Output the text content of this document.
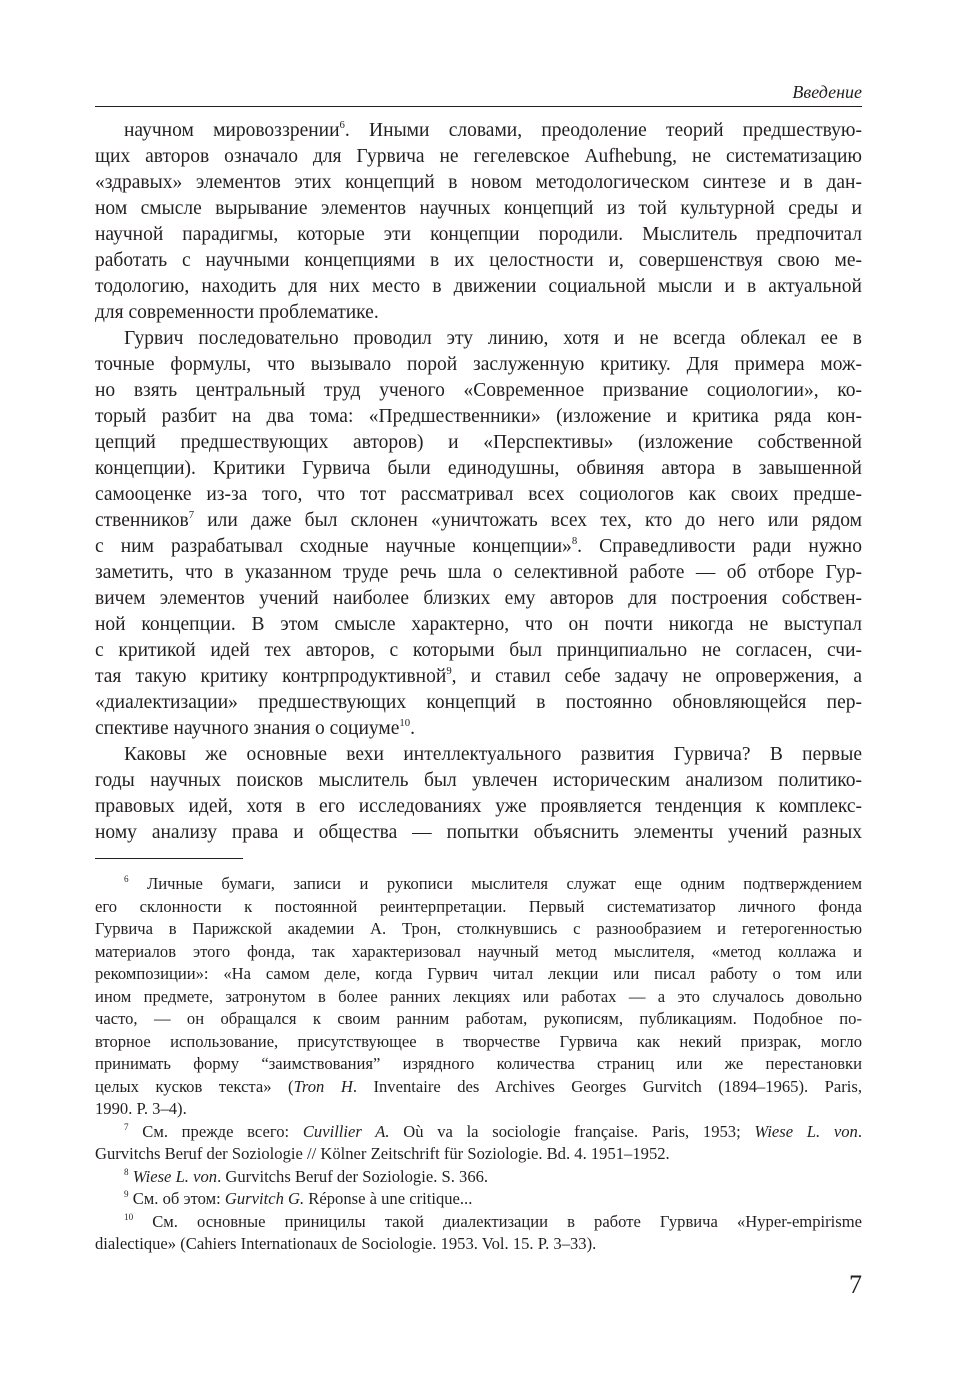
Введение
научном мировоззрении$^6$. Иными словами, преодоление теорий предшествую-
щих авторов означало для Гурвича не гегелевское Aufhebung, не систематизацию
«здравых» элементов этих концепций в новом методологическом синтезе и в дан-
ном смысле вырывание элементов научных концепций из той культурной среды и
научной парадигмы, которые эти концепции породили. Мыслитель предпочитал
работать с научными концепциями в их целостности и, совершенствуя свою ме-
тодологию, находить для них место в движении социальной мысли и в актуальной
для современности проблематике.
Гурвич последовательно проводил эту линию, хотя и не всегда облекал ее в
точные формулы, что вызывало порой заслуженную критику. Для примера мож-
но взять центральный труд ученого «Современное призвание социологии», ко-
торый разбит на два тома: «Предшественники» (изложение и критика ряда кон-
цепций предшествующих авторов) и «Перспективы» (изложение собственной
концепции). Критики Гурвича были единодушны, обвиняя автора в завышенной
самооценке из-за того, что тот рассматривал всех социологов как своих предше-
ственников$^7$ или даже был склонен «уничтожать всех тех, кто до него или рядом
с ним разрабатывал сходные научные концепции»$^8$. Справедливости ради нужно
заметить, что в указанном труде речь шла о селективной работе — об отборе Гур-
вичем элементов учений наиболее близких ему авторов для построения собствен-
ной концепции. В этом смысле характерно, что он почти никогда не выступал
с критикой идей тех авторов, с которыми был принципиально не согласен, счи-
тая такую критику контрпродуктивной$^9$, и ставил себе задачу не опровержения, а
«диалектизации» предшествующих концепций в постоянно обновляющейся пер-
спективе научного знания о социуме$^{10}$.
Каковы же основные вехи интеллектуального развития Гурвича? В первые
годы научных поисков мыслитель был увлечен историческим анализом политико-
правовых идей, хотя в его исследованиях уже проявляется тенденция к комплекс-
ному анализу права и общества — попытки объяснить элементы учений разных
$^6$ Личные бумаги, записи и рукописи мыслителя служат еще одним подтверждением
его склонности к постоянной реинтерпретации. Первый систематизатор личного фонда
Гурвича в Парижской академии А. Трон, столкнувшись с разнообразием и гетерогенностью
материалов этого фонда, так характеризовал научный метод мыслителя, «метод коллажа и
рекомпозиции»: «На самом деле, когда Гурвич читал лекции или писал работу о том или
ином предмете, затронутом в более ранних лекциях или работах — а это случалось довольно
часто, — он обращался к своим ранним работам, рукописям, публикациям. Подобное по-
вторное использование, присутствующее в творчестве Гурвича как некий призрак, могло
принимать форму “заимствования” изрядного количества страниц или же перестановки
целых кусков текста» (Tron H. Inventaire des Archives Georges Gurvitch (1894–1965). Paris,
1990. P. 3–4).
$^7$ См. прежде всего: Cuvillier A. Où va la sociologie française. Paris, 1953; Wiese L. von.
Gurvitchs Beruf der Soziologie // Kölner Zeitschrift für Soziologie. Bd. 4. 1951–1952.
$^8$ Wiese L. von. Gurvitchs Beruf der Soziologie. S. 366.
$^9$ См. об этом: Gurvitch G. Réponse à une critique...
$^{10}$ См. основные приницилы такой диалектизации в работе Гурвича «Hyper-empirisme
dialectique» (Cahiers Internationaux de Sociologie. 1953. Vol. 15. P. 3–33).
7
